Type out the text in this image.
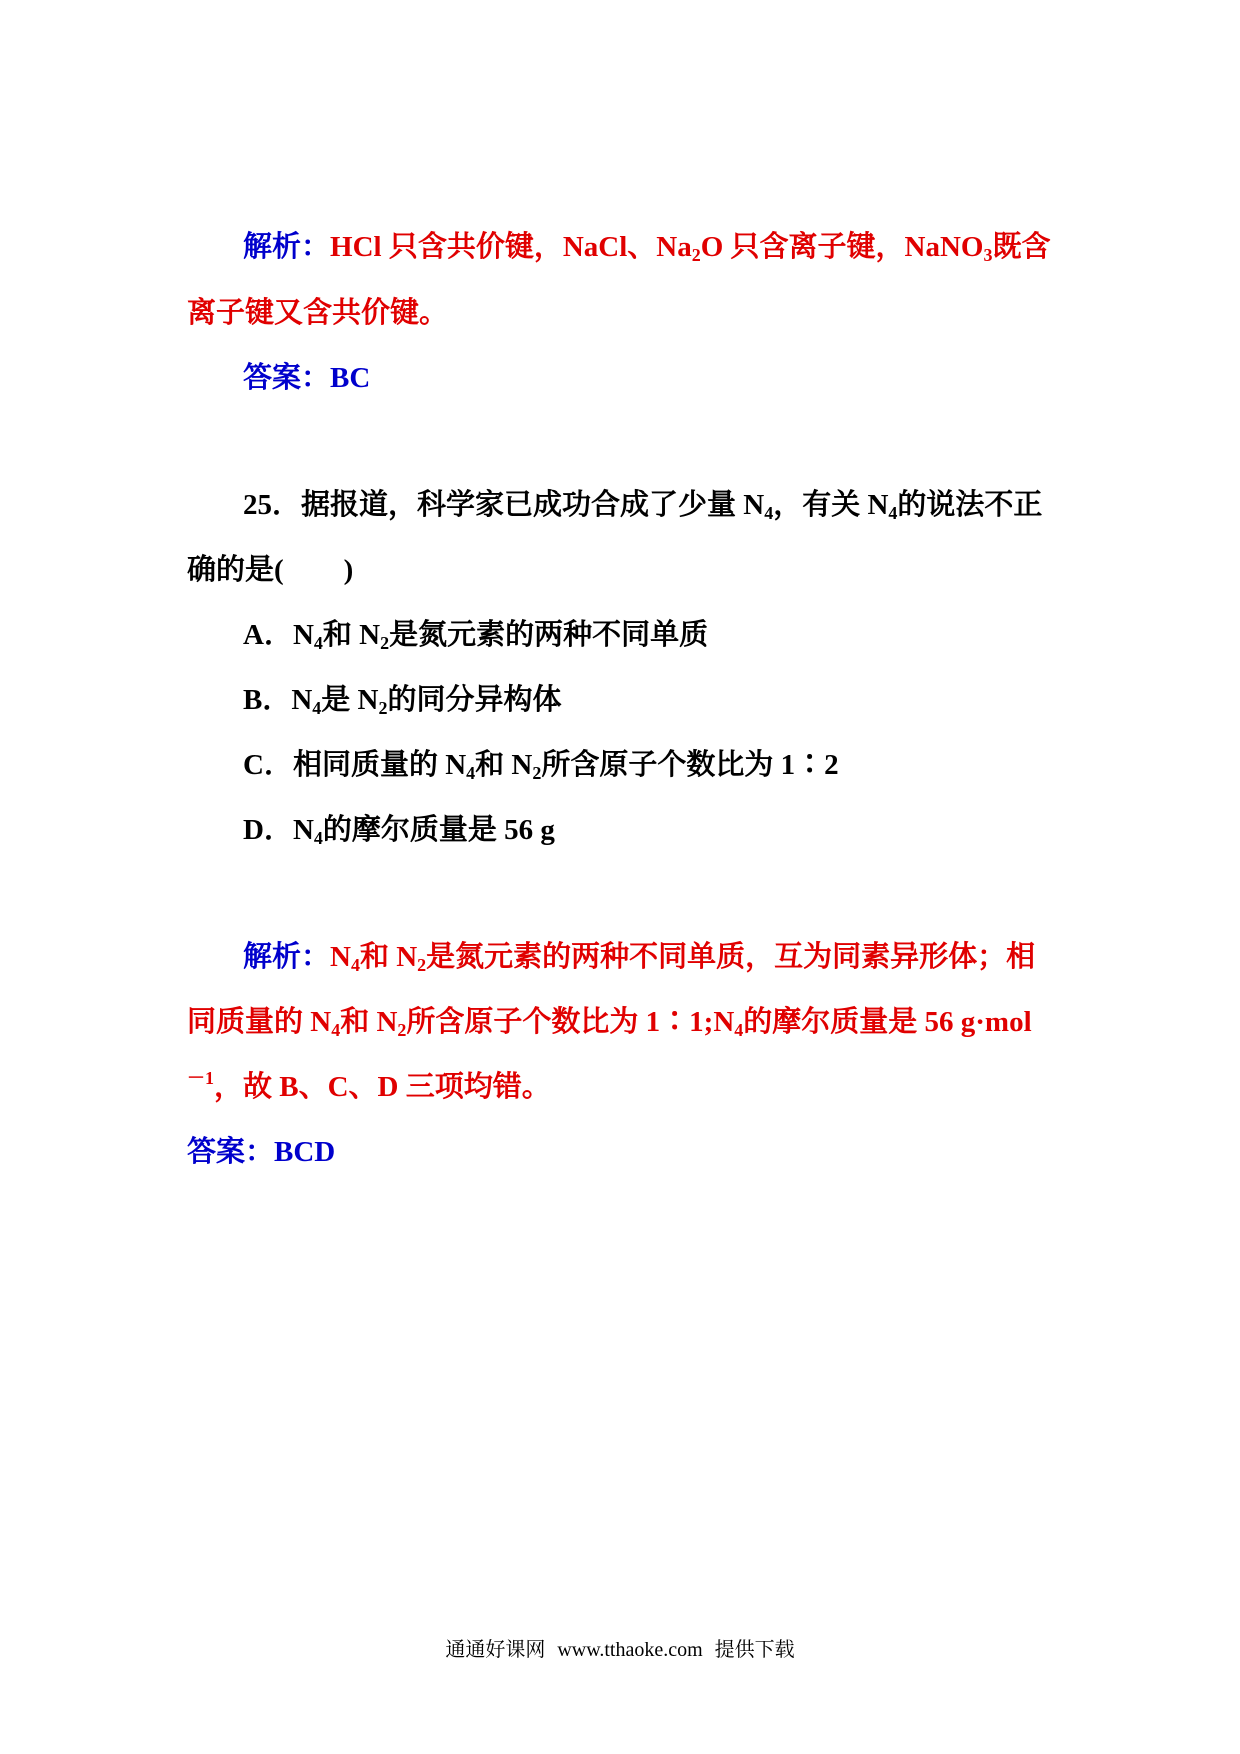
解析：HCl 只含共价键，NaCl、$Na_2O$ 只含离子键，NaNO$_3$既含
离子键又含共价键。
答案：BC
25．据报道，科学家已成功合成了少量 $N_4$，有关 $N_4$的说法不正
确的是( )
A．$N_4$和 $N_2$是氮元素的两种不同单质
B．$N_4$是 $N_2$的同分异构体
C．相同质量的 $N_4$和 $N_2$所含原子个数比为 1∶2
D．$N_4$的摩尔质量是 56 g
解析：$N_4$和 $N_2$是氮元素的两种不同单质，互为同素异形体；相
同质量的 $N_4$和 $N_2$所含原子个数比为 $1∶1;N_4$的摩尔质量是 56 g·mol
$^{-1}$，故 B、C、D 三项均错。
答案：BCD
通通好课网 www.tthaoke.com 提供下载
